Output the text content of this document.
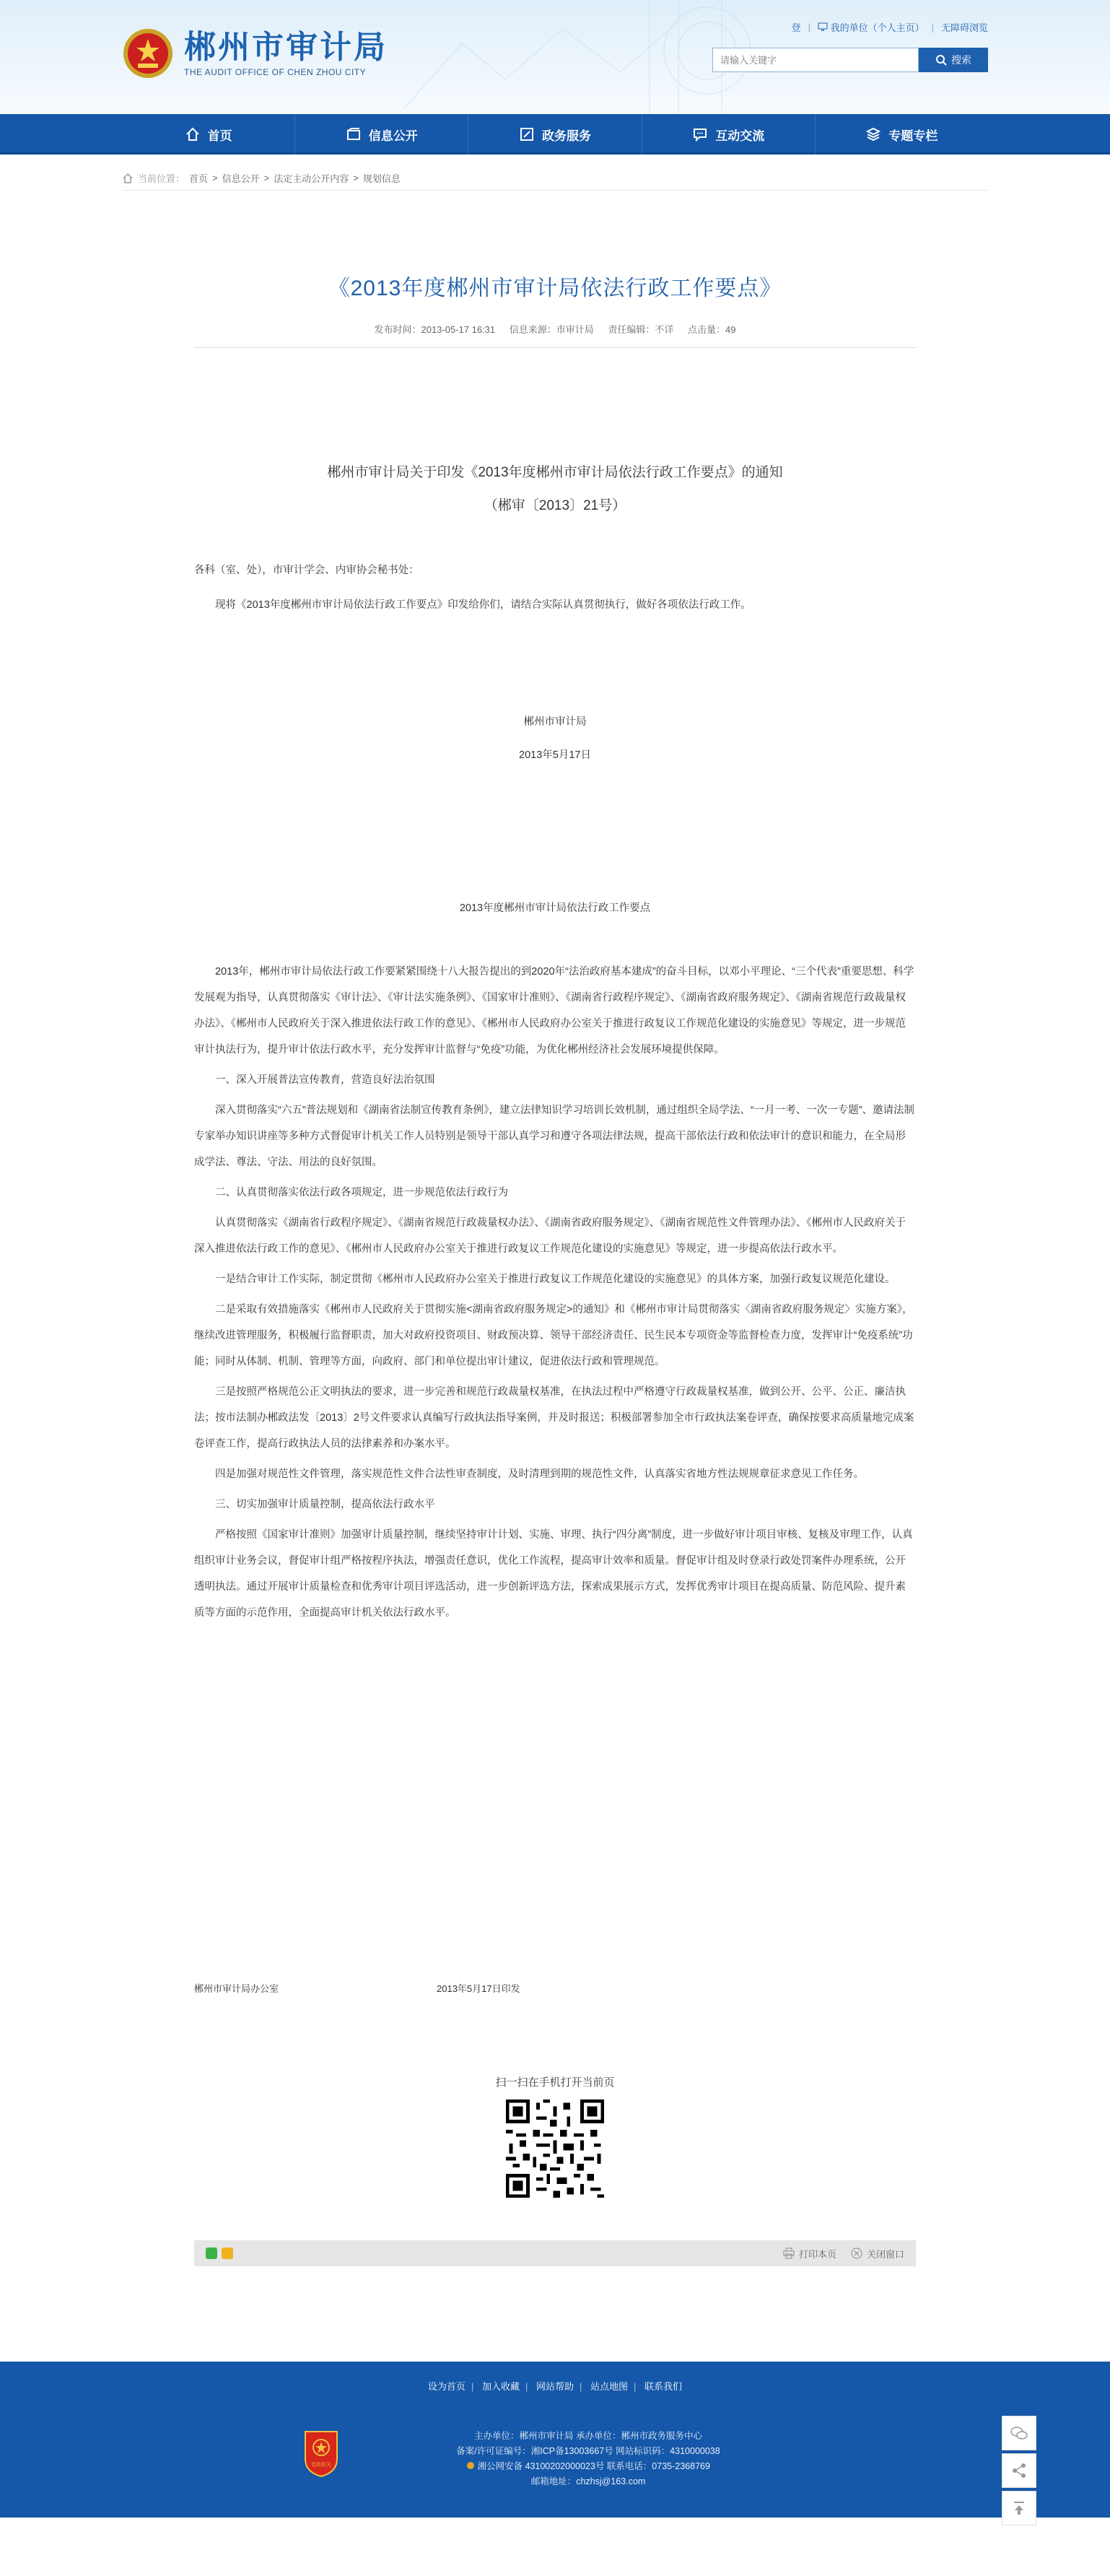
郴州市审计局
THE AUDIT OFFICE OF CHEN ZHOU CITY
登 |	我的单位（个人主页） | 无障碍浏览
请输入关键字
搜索
首页	信息公开	政务服务	互动交流	专题专栏
当前位置： 首页 > 信息公开 > 法定主动公开内容 > 规划信息
《2013年度郴州市审计局依法行政工作要点》
发布时间：2013-05-17 16:31 信息来源：市审计局 责任编辑：不详 点击量：49
郴州市审计局关于印发《2013年度郴州市审计局依法行政工作要点》的通知
（郴审〔2013〕21号）
各科（室、处），市审计学会、内审协会秘书处：
现将《2013年度郴州市审计局依法行政工作要点》印发给你们，请结合实际认真贯彻执行，做好各项依法行政工作。
郴州市审计局
2013年5月17日
2013年度郴州市审计局依法行政工作要点
2013年，郴州市审计局依法行政工作要紧紧围绕十八大报告提出的到2020年“法治政府基本建成”的奋斗目标，以邓小平理论、“三个代表”重要思想、科学发展观为指导，认真贯彻落实《审计法》、《审计法实施条例》、《国家审计准则》、《湖南省行政程序规定》、《湖南省政府服务规定》、《湖南省规范行政裁量权办法》、《郴州市人民政府关于深入推进依法行政工作的意见》、《郴州市人民政府办公室关于推进行政复议工作规范化建设的实施意见》等规定，进一步规范审计执法行为，提升审计依法行政水平，充分发挥审计监督与“免疫”功能，为优化郴州经济社会发展环境提供保障。
一、深入开展普法宣传教育，营造良好法治氛围
深入贯彻落实“六五”普法规划和《湖南省法制宣传教育条例》，建立法律知识学习培训长效机制，通过组织全局学法、“一月一考、一次一专题”、邀请法制专家举办知识讲座等多种方式督促审计机关工作人员特别是领导干部认真学习和遵守各项法律法规，提高干部依法行政和依法审计的意识和能力，在全局形成学法、尊法、守法、用法的良好氛围。
二、认真贯彻落实依法行政各项规定，进一步规范依法行政行为
认真贯彻落实《湖南省行政程序规定》、《湖南省规范行政裁量权办法》、《湖南省政府服务规定》、《湖南省规范性文件管理办法》、《郴州市人民政府关于深入推进依法行政工作的意见》、《郴州市人民政府办公室关于推进行政复议工作规范化建设的实施意见》等规定，进一步提高依法行政水平。
一是结合审计工作实际，制定贯彻《郴州市人民政府办公室关于推进行政复议工作规范化建设的实施意见》的具体方案，加强行政复议规范化建设。
二是采取有效措施落实《郴州市人民政府关于贯彻实施<湖南省政府服务规定>的通知》和《郴州市审计局贯彻落实〈湖南省政府服务规定〉实施方案》，继续改进管理服务，积极履行监督职责，加大对政府投资项目、财政预决算、领导干部经济责任、民生民本专项资金等监督检查力度，发挥审计“免疫系统”功能；同时从体制、机制、管理等方面，向政府、部门和单位提出审计建议，促进依法行政和管理规范。
三是按照严格规范公正文明执法的要求，进一步完善和规范行政裁量权基准，在执法过程中严格遵守行政裁量权基准，做到公开、公平、公正、廉洁执法；按市法制办郴政法发〔2013〕2号文件要求认真编写行政执法指导案例，并及时报送；积极部署参加全市行政执法案卷评查，确保按要求高质量地完成案卷评查工作，提高行政执法人员的法律素养和办案水平。
四是加强对规范性文件管理，落实规范性文件合法性审查制度，及时清理到期的规范性文件，认真落实省地方性法规规章征求意见工作任务。
三、切实加强审计质量控制，提高依法行政水平
严格按照《国家审计准则》加强审计质量控制，继续坚持审计计划、实施、审理、执行“四分离”制度，进一步做好审计项目审核、复核及审理工作，认真组织审计业务会议，督促审计组严格按程序执法，增强责任意识，优化工作流程，提高审计效率和质量。督促审计组及时登录行政处罚案件办理系统，公开透明执法。通过开展审计质量检查和优秀审计项目评选活动，进一步创新评选方法，探索成果展示方式，发挥优秀审计项目在提高质量、防范风险、提升素质等方面的示范作用，全面提高审计机关依法行政水平。
郴州市审计局办公室	2013年5月17日印发
扫一扫在手机打开当前页
打印本页	关闭窗口
设为首页 | 加入收藏 | 网站帮助 | 站点地图 | 联系我们
党政机关
主办单位：郴州市审计局 承办单位：郴州市政务服务中心
备案/许可证编号：湘ICP备13003667号 网站标识码：4310000038
湘公网安备 43100202000023号 联系电话：0735-2368769
邮箱地址：chzhsj@163.com
